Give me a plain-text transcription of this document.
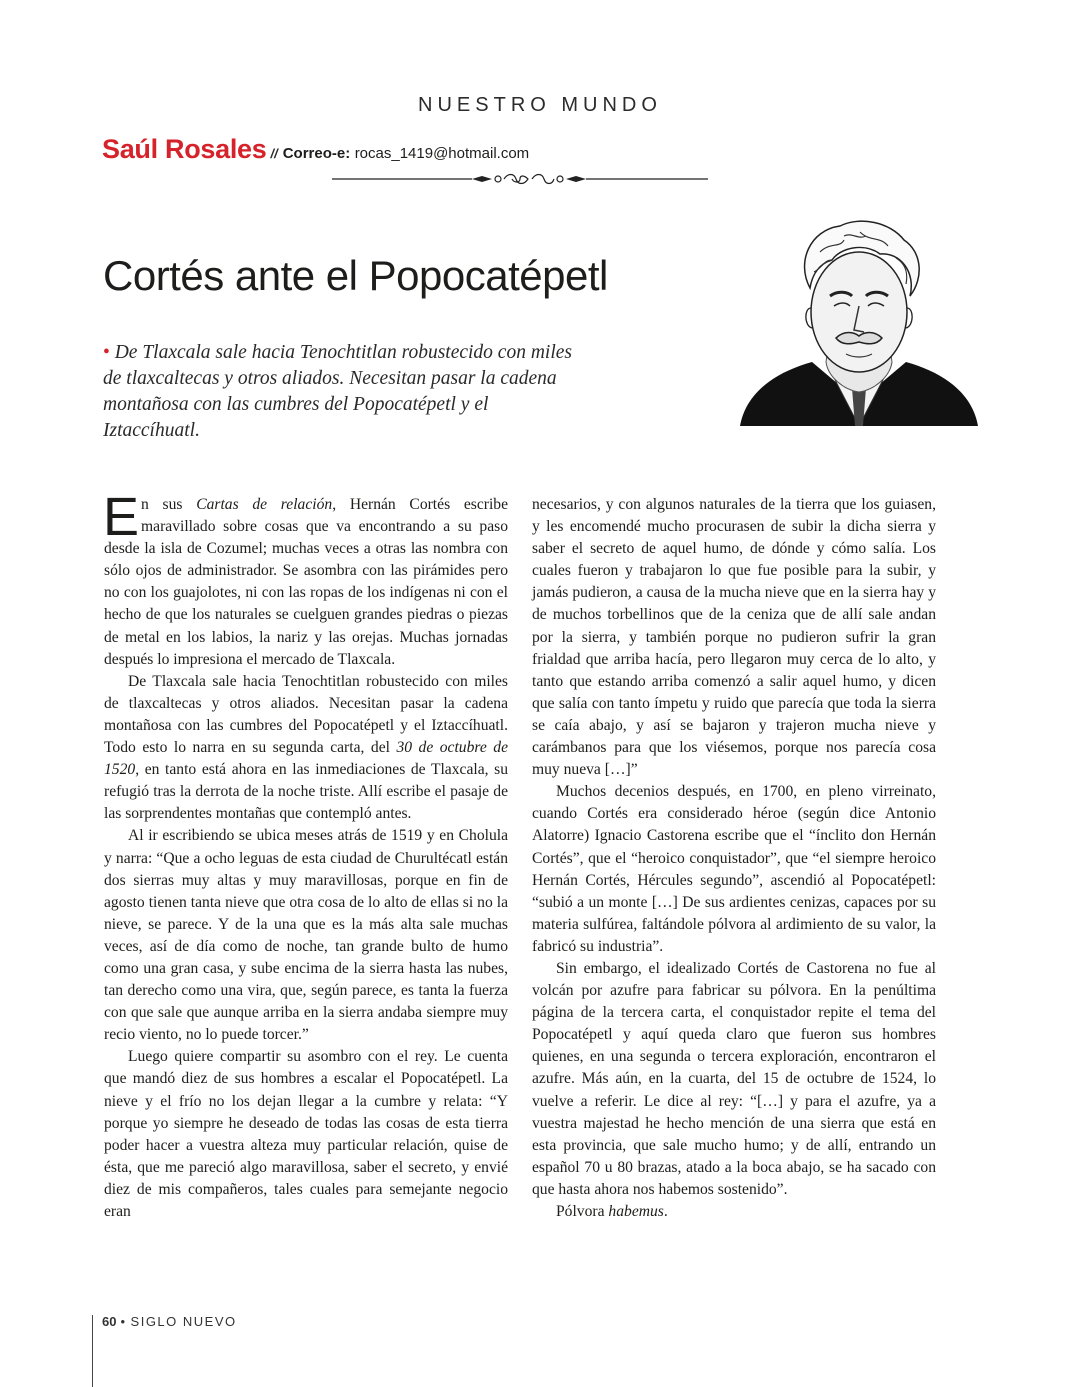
NUESTRO MUNDO
Saúl Rosales // Correo-e: rocas_1419@hotmail.com
Cortés ante el Popocatépetl

• De Tlaxcala sale hacia Tenochtitlan robustecido con miles de tlaxcaltecas y otros aliados. Necesitan pasar la cadena montañosa con las cumbres del Popocatépetl y el Iztaccíhuatl.

En sus Cartas de relación, Hernán Cortés escribe maravillado sobre cosas que va encontrando a su paso desde la isla de Cozumel; muchas veces a otras las nombra con sólo ojos de administrador. Se asombra con las pirámides pero no con los guajolotes, ni con las ropas de los indígenas ni con el hecho de que los naturales se cuelguen grandes piedras o piezas de metal en los labios, la nariz y las orejas. Muchas jornadas después lo impresiona el mercado de Tlaxcala.

De Tlaxcala sale hacia Tenochtitlan robustecido con miles de tlaxcaltecas y otros aliados. Necesitan pasar la cadena montañosa con las cumbres del Popocatépetl y el Iztaccíhuatl. Todo esto lo narra en su segunda carta, del 30 de octubre de 1520, en tanto está ahora en las inmediaciones de Tlaxcala, su refugió tras la derrota de la noche triste. Allí escribe el pasaje de las sorprendentes montañas que contempló antes.

Al ir escribiendo se ubica meses atrás de 1519 y en Cholula y narra: “Que a ocho leguas de esta ciudad de Churultécatl están dos sierras muy altas y muy maravillosas, porque en fin de agosto tienen tanta nieve que otra cosa de lo alto de ellas si no la nieve, se parece. Y de la una que es la más alta sale muchas veces, así de día como de noche, tan grande bulto de humo como una gran casa, y sube encima de la sierra hasta las nubes, tan derecho como una vira, que, según parece, es tanta la fuerza con que sale que aunque arriba en la sierra andaba siempre muy recio viento, no lo puede torcer.”

Luego quiere compartir su asombro con el rey. Le cuenta que mandó diez de sus hombres a escalar el Popocatépetl. La nieve y el frío no los dejan llegar a la cumbre y relata: “Y porque yo siempre he deseado de todas las cosas de esta tierra poder hacer a vuestra alteza muy particular relación, quise de ésta, que me pareció algo maravillosa, saber el secreto, y envié diez de mis compañeros, tales cuales para semejante negocio eran

necesarios, y con algunos naturales de la tierra que los guiasen, y les encomendé mucho procurasen de subir la dicha sierra y saber el secreto de aquel humo, de dónde y cómo salía. Los cuales fueron y trabajaron lo que fue posible para la subir, y jamás pudieron, a causa de la mucha nieve que en la sierra hay y de muchos torbellinos que de la ceniza que de allí sale andan por la sierra, y también porque no pudieron sufrir la gran frialdad que arriba hacía, pero llegaron muy cerca de lo alto, y tanto que estando arriba comenzó a salir aquel humo, y dicen que salía con tanto ímpetu y ruido que parecía que toda la sierra se caía abajo, y así se bajaron y trajeron mucha nieve y carámbanos para que los viésemos, porque nos parecía cosa muy nueva […]”

Muchos decenios después, en 1700, en pleno virreinato, cuando Cortés era considerado héroe (según dice Antonio Alatorre) Ignacio Castorena escribe que el “ínclito don Hernán Cortés”, que el “heroico conquistador”, que “el siempre heroico Hernán Cortés, Hércules segundo”, ascendió al Popocatépetl: “subió a un monte […] De sus ardientes cenizas, capaces por su materia sulfúrea, faltándole pólvora al ardimiento de su valor, la fabricó su industria”.

Sin embargo, el idealizado Cortés de Castorena no fue al volcán por azufre para fabricar su pólvora. En la penúltima página de la tercera carta, el conquistador repite el tema del Popocatépetl y aquí queda claro que fueron sus hombres quienes, en una segunda o tercera exploración, encontraron el azufre. Más aún, en la cuarta, del 15 de octubre de 1524, lo vuelve a referir. Le dice al rey: “[…] y para el azufre, ya a vuestra majestad he hecho mención de una sierra que está en esta provincia, que sale mucho humo; y de allí, entrando un español 70 u 80 brazas, atado a la boca abajo, se ha sacado con que hasta ahora nos habemos sostenido”.

Pólvora habemus.

60 • SIGLO NUEVO
